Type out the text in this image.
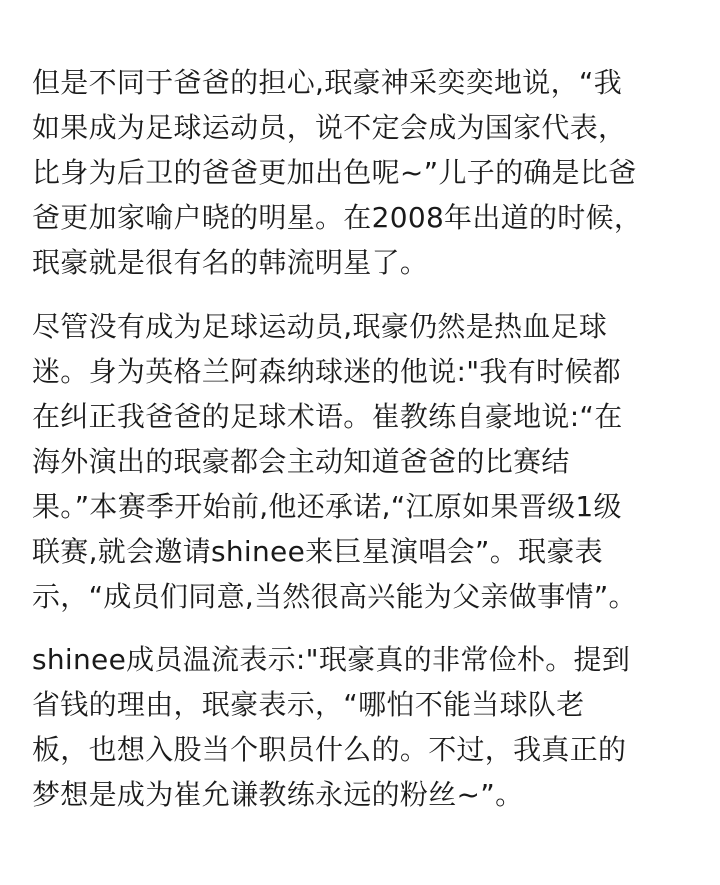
但是不同于爸爸的担心,珉豪神采奕奕地说，“我
如果成为足球运动员，说不定会成为国家代表，
比身为后卫的爸爸更加出色呢~”儿子的确是比爸
爸更加家喻户晓的明星。在2008年出道的时候，
珉豪就是很有名的韩流明星了。
尽管没有成为足球运动员,珉豪仍然是热血足球
迷。身为英格兰阿森纳球迷的他说:"我有时候都
在纠正我爸爸的足球术语。崔教练自豪地说:“在
海外演出的珉豪都会主动知道爸爸的比赛结
果。”本赛季开始前,他还承诺,“江原如果晋级1级
联赛,就会邀请shinee来巨星演唱会”。珉豪表
示，“成员们同意,当然很高兴能为父亲做事情”。
shinee成员温流表示:"珉豪真的非常俭朴。提到
省钱的理由，珉豪表示，“哪怕不能当球队老
板，也想入股当个职员什么的。不过，我真正的
梦想是成为崔允谦教练永远的粉丝~”。
